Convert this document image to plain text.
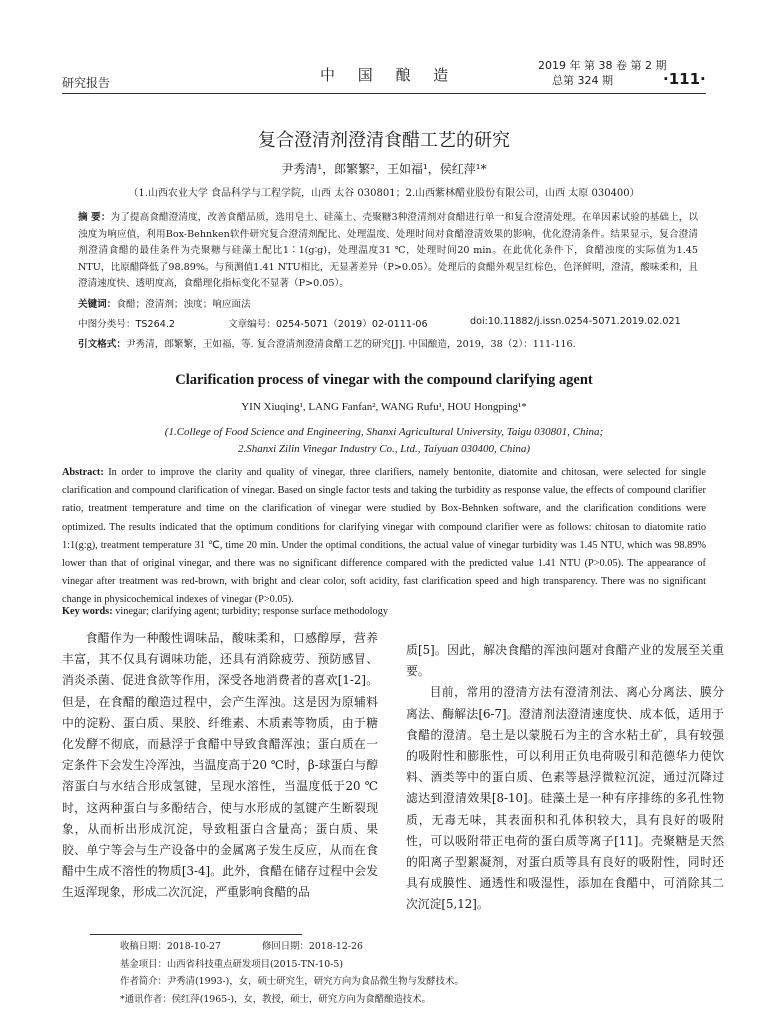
研究报告	中 国 酿 造
2019 年 第 38 卷 第 2 期
总第 324 期	·111·
复合澄清剂澄清食醋工艺的研究
尹秀清¹，郎繁繁²，王如福¹，侯红萍¹*
（1.山西农业大学 食品科学与工程学院，山西 太谷 030801；2.山西紫林醋业股份有限公司，山西 太原 030400）
摘 要：为了提高食醋澄清度，改善食醋品质，选用皂土、硅藻土、壳聚糖3种澄清剂对食醋进行单一和复合澄清处理。在单因素试验的基础上，以浊度为响应值，利用Box-Behnken软件研究复合澄清剂配比、处理温度、处理时间对食醋澄清效果的影响，优化澄清条件。结果显示，复合澄清剂澄清食醋的最佳条件为壳聚糖与硅藻土配比1∶1(g∶g)，处理温度31 ℃，处理时间20 min。在此优化条件下，食醋浊度的实际值为1.45 NTU，比原醋降低了98.89%。与预测值1.41 NTU相比，无显著差异（P>0.05）。处理后的食醋外观呈红棕色，色泽鲜明，澄清，酸味柔和，且澄清速度快、透明度高，食醋理化指标变化不显著（P>0.05）。
关键词：食醋；澄清剂；浊度；响应面法
中图分类号：TS264.2	文章编号：0254-5071（2019）02-0111-06	doi:10.11882/j.issn.0254-5071.2019.02.021
引文格式：尹秀清，郎繁繁，王如福，等. 复合澄清剂澄清食醋工艺的研究[J]. 中国酿造，2019，38（2）：111-116.
Clarification process of vinegar with the compound clarifying agent
YIN Xiuqing¹, LANG Fanfan², WANG Rufu¹, HOU Hongping¹*
(1.College of Food Science and Engineering, Shanxi Agricultural University, Taigu 030801, China;
2.Shanxi Zilin Vinegar Industry Co., Ltd., Taiyuan 030400, China)
Abstract: In order to improve the clarity and quality of vinegar, three clarifiers, namely bentonite, diatomite and chitosan, were selected for single clarification and compound clarification of vinegar. Based on single factor tests and taking the turbidity as response value, the effects of compound clarifier ratio, treatment temperature and time on the clarification of vinegar were studied by Box-Behnken software, and the clarification conditions were optimized. The results indicated that the optimum conditions for clarifying vinegar with compound clarifier were as follows: chitosan to diatomite ratio 1:1(g:g), treatment temperature 31 ℃, time 20 min. Under the optimal conditions, the actual value of vinegar turbidity was 1.45 NTU, which was 98.89% lower than that of original vinegar, and there was no significant difference compared with the predicted value 1.41 NTU (P>0.05). The appearance of vinegar after treatment was red-brown, with bright and clear color, soft acidity, fast clarification speed and high transparency. There was no significant change in physicochemical indexes of vinegar (P>0.05).
Key words: vinegar; clarifying agent; turbidity; response surface methodology

食醋作为一种酸性调味品，酸味柔和，口感醇厚，营养丰富，其不仅具有调味功能，还具有消除疲劳、预防感冒、消炎杀菌、促进食欲等作用，深受各地消费者的喜欢[1-2]。但是，在食醋的酿造过程中，会产生浑浊。这是因为原辅料中的淀粉、蛋白质、果胶、纤维素、木质素等物质，由于糖化发酵不彻底，而悬浮于食醋中导致食醋浑浊；蛋白质在一定条件下会发生冷浑浊，当温度高于20 ℃时，β-球蛋白与醇溶蛋白与水结合形成氢键，呈现水溶性，当温度低于20 ℃时，这两种蛋白与多酚结合，使与水形成的氢键产生断裂现象，从而析出形成沉淀，导致粗蛋白含量高；蛋白质、果胶、单宁等会与生产设备中的金属离子发生反应，从而在食醋中生成不溶性的物质[3-4]。此外，食醋在储存过程中会发生返浑现象，形成二次沉淀，严重影响食醋的品

质[5]。因此，解决食醋的浑浊问题对食醋产业的发展至关重要。

目前，常用的澄清方法有澄清剂法、离心分离法、膜分离法、酶解法[6-7]。澄清剂法澄清速度快、成本低，适用于食醋的澄清。皂土是以蒙脱石为主的含水粘土矿，具有较强的吸附性和膨胀性，可以利用正负电荷吸引和范德华力使饮料、酒类等中的蛋白质、色素等悬浮微粒沉淀，通过沉降过滤达到澄清效果[8-10]。硅藻土是一种有序排练的多孔性物质，无毒无味，其表面积和孔体积较大，具有良好的吸附性，可以吸附带正电荷的蛋白质等离子[11]。壳聚糖是天然的阳离子型絮凝剂，对蛋白质等具有良好的吸附性，同时还具有成膜性、通透性和吸湿性，添加在食醋中，可消除其二次沉淀[5,12]。

收稿日期：2018-10-27	修回日期：2018-12-26
基金项目：山西省科技重点研发项目(2015-TN-10-5)
作者简介：尹秀清(1993-)，女，硕士研究生，研究方向为食品微生物与发酵技术。
*通讯作者：侯红萍(1965-)，女，教授，硕士，研究方向为食醋酿造技术。
